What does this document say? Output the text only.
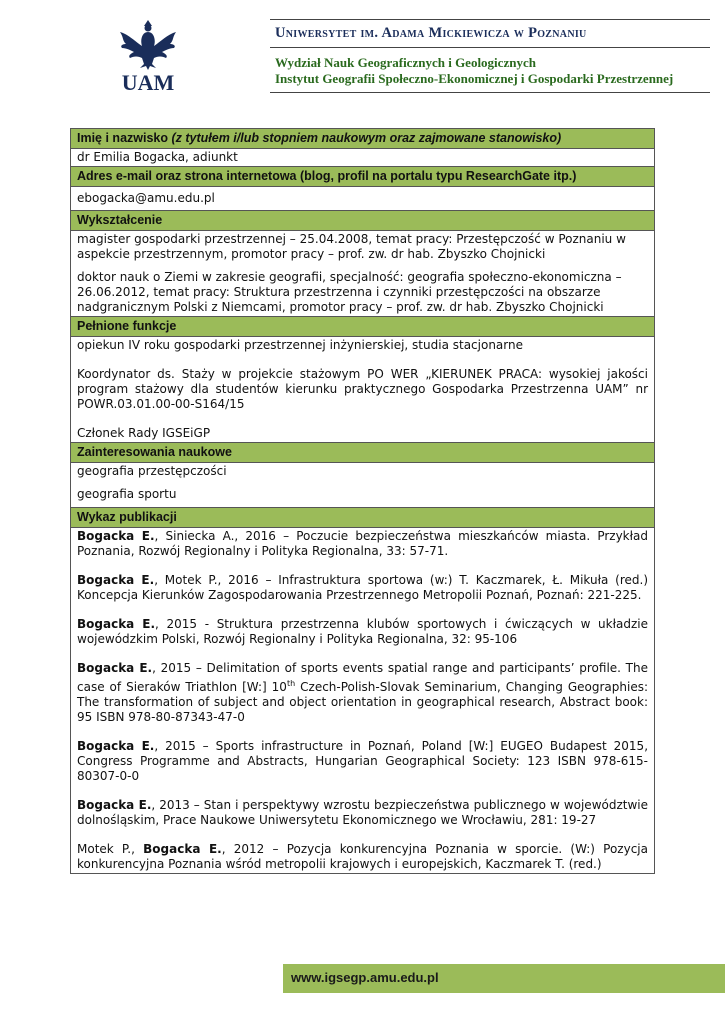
UAM
Uniwersytet im. Adama Mickiewicza w Poznaniu
Wydział Nauk Geograficznych i Geologicznych
Instytut Geografii Społeczno-Ekonomicznej i Gospodarki Przestrzennej
Imię i nazwisko (z tytułem i/lub stopniem naukowym oraz zajmowane stanowisko)
dr Emilia Bogacka, adiunkt
Adres e-mail oraz strona internetowa (blog, profil na portalu typu ResearchGate itp.)
ebogacka@amu.edu.pl
Wykształcenie

magister gospodarki przestrzennej – 25.04.2008, temat pracy: Przestępczość w Poznaniu w aspekcie przestrzennym, promotor pracy – prof. zw. dr hab. Zbyszko Chojnicki

doktor nauk o Ziemi w zakresie geografii, specjalność: geografia społeczno-ekonomiczna – 26.06.2012, temat pracy: Struktura przestrzenna i czynniki przestępczości na obszarze nadgranicznym Polski z Niemcami, promotor pracy – prof. zw. dr hab. Zbyszko Chojnicki

Pełnione funkcje

opiekun IV roku gospodarki przestrzennej inżynierskiej, studia stacjonarne

Koordynator ds. Staży w projekcie stażowym PO WER „KIERUNEK PRACA: wysokiej jakości program stażowy dla studentów kierunku praktycznego Gospodarka Przestrzenna UAM” nr POWR.03.01.00-00-S164/15

Członek Rady IGSEiGP

Zainteresowania naukowe

geografia przestępczości

geografia sportu

Wykaz publikacji

Bogacka E., Siniecka A., 2016 – Poczucie bezpieczeństwa mieszkańców miasta. Przykład Poznania, Rozwój Regionalny i Polityka Regionalna, 33: 57-71.

Bogacka E., Motek P., 2016 – Infrastruktura sportowa (w:) T. Kaczmarek, Ł. Mikuła (red.) Koncepcja Kierunków Zagospodarowania Przestrzennego Metropolii Poznań, Poznań: 221-225.

Bogacka E., 2015 - Struktura przestrzenna klubów sportowych i ćwiczących w układzie wojewódzkim Polski, Rozwój Regionalny i Polityka Regionalna, 32: 95-106

Bogacka E., 2015 – Delimitation of sports events spatial range and participants’ profile. The case of Sieraków Triathlon [W:] 10th Czech-Polish-Slovak Seminarium, Changing Geographies: The transformation of subject and object orientation in geographical research, Abstract book: 95 ISBN 978-80-87343-47-0

Bogacka E., 2015 – Sports infrastructure in Poznań, Poland [W:] EUGEO Budapest 2015, Congress Programme and Abstracts, Hungarian Geographical Society: 123 ISBN 978-615-80307-0-0

Bogacka E., 2013 – Stan i perspektywy wzrostu bezpieczeństwa publicznego w województwie dolnośląskim, Prace Naukowe Uniwersytetu Ekonomicznego we Wrocławiu, 281: 19-27

Motek P., Bogacka E., 2012 – Pozycja konkurencyjna Poznania w sporcie. (W:) Pozycja konkurencyjna Poznania wśród metropolii krajowych i europejskich, Kaczmarek T. (red.)

www.igsegp.amu.edu.pl
